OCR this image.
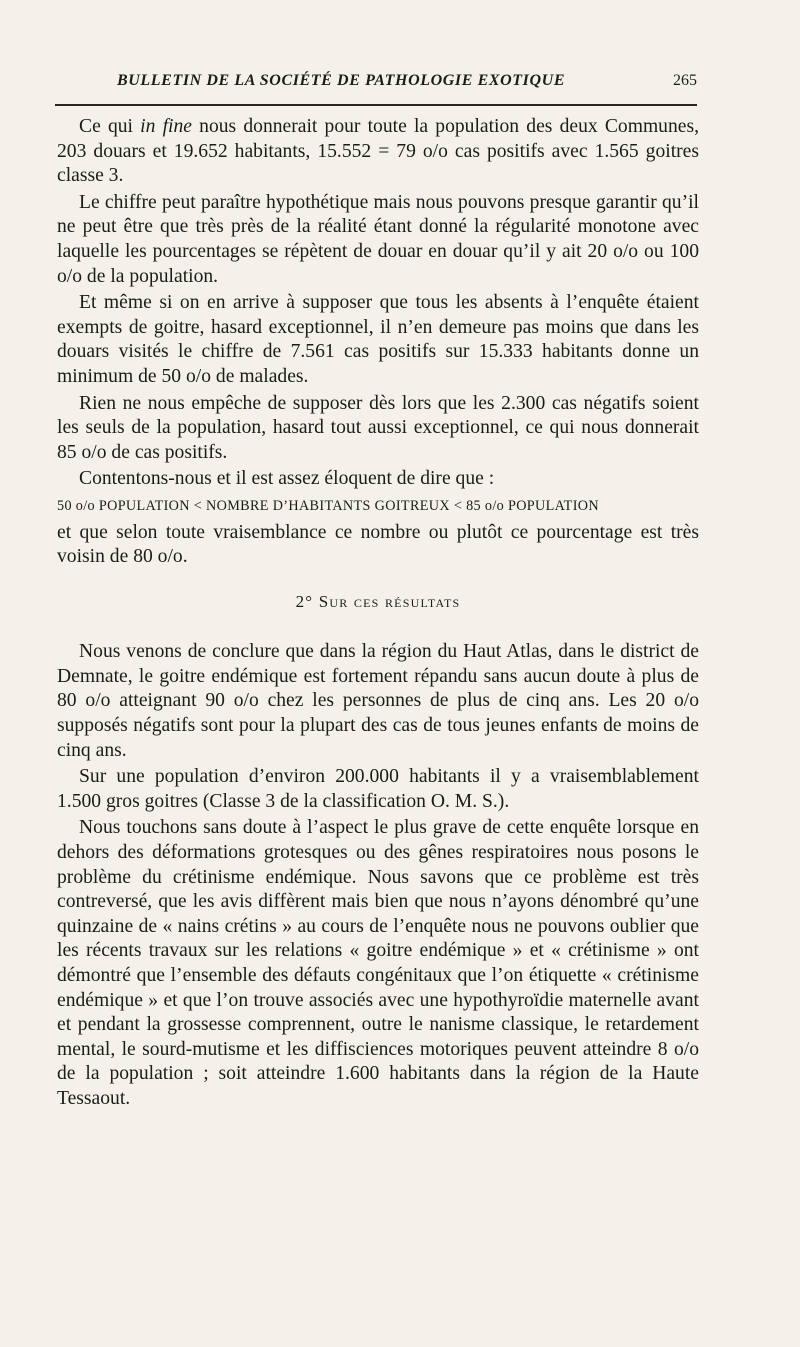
BULLETIN DE LA SOCIÉTÉ DE PATHOLOGIE EXOTIQUE	265

Ce qui in fine nous donnerait pour toute la population des deux Communes, 203 douars et 19.652 habitants, 15.552 = 79 o/o cas positifs avec 1.565 goitres classe 3.

Le chiffre peut paraître hypothétique mais nous pouvons presque garantir qu’il ne peut être que très près de la réalité étant donné la régularité monotone avec laquelle les pourcentages se répètent de douar en douar qu’il y ait 20 o/o ou 100 o/o de la population.

Et même si on en arrive à supposer que tous les absents à l’enquête étaient exempts de goitre, hasard exceptionnel, il n’en demeure pas moins que dans les douars visités le chiffre de 7.561 cas positifs sur 15.333 habitants donne un minimum de 50 o/o de malades.

Rien ne nous empêche de supposer dès lors que les 2.300 cas négatifs soient les seuls de la population, hasard tout aussi exceptionnel, ce qui nous donnerait 85 o/o de cas positifs.

Contentons-nous et il est assez éloquent de dire que :

50 o/o POPULATION < NOMBRE D’HABITANTS GOITREUX < 85 o/o POPULATION

et que selon toute vraisemblance ce nombre ou plutôt ce pourcentage est très voisin de 80 o/o.

2° Sur ces résultats

Nous venons de conclure que dans la région du Haut Atlas, dans le district de Demnate, le goitre endémique est fortement répandu sans aucun doute à plus de 80 o/o atteignant 90 o/o chez les personnes de plus de cinq ans. Les 20 o/o supposés négatifs sont pour la plupart des cas de tous jeunes enfants de moins de cinq ans.

Sur une population d’environ 200.000 habitants il y a vraisemblablement 1.500 gros goitres (Classe 3 de la classification O. M. S.).

Nous touchons sans doute à l’aspect le plus grave de cette enquête lorsque en dehors des déformations grotesques ou des gênes respiratoires nous posons le problème du crétinisme endémique. Nous savons que ce problème est très contreversé, que les avis diffèrent mais bien que nous n’ayons dénombré qu’une quinzaine de « nains crétins » au cours de l’enquête nous ne pouvons oublier que les récents travaux sur les relations « goitre endémique » et « crétinisme » ont démontré que l’ensemble des défauts congénitaux que l’on étiquette « crétinisme endémique » et que l’on trouve associés avec une hypothyroïdie maternelle avant et pendant la grossesse comprennent, outre le nanisme classique, le retardement mental, le sourd-mutisme et les diffisciences motoriques peuvent atteindre 8 o/o de la population ; soit atteindre 1.600 habitants dans la région de la Haute Tessaout.
